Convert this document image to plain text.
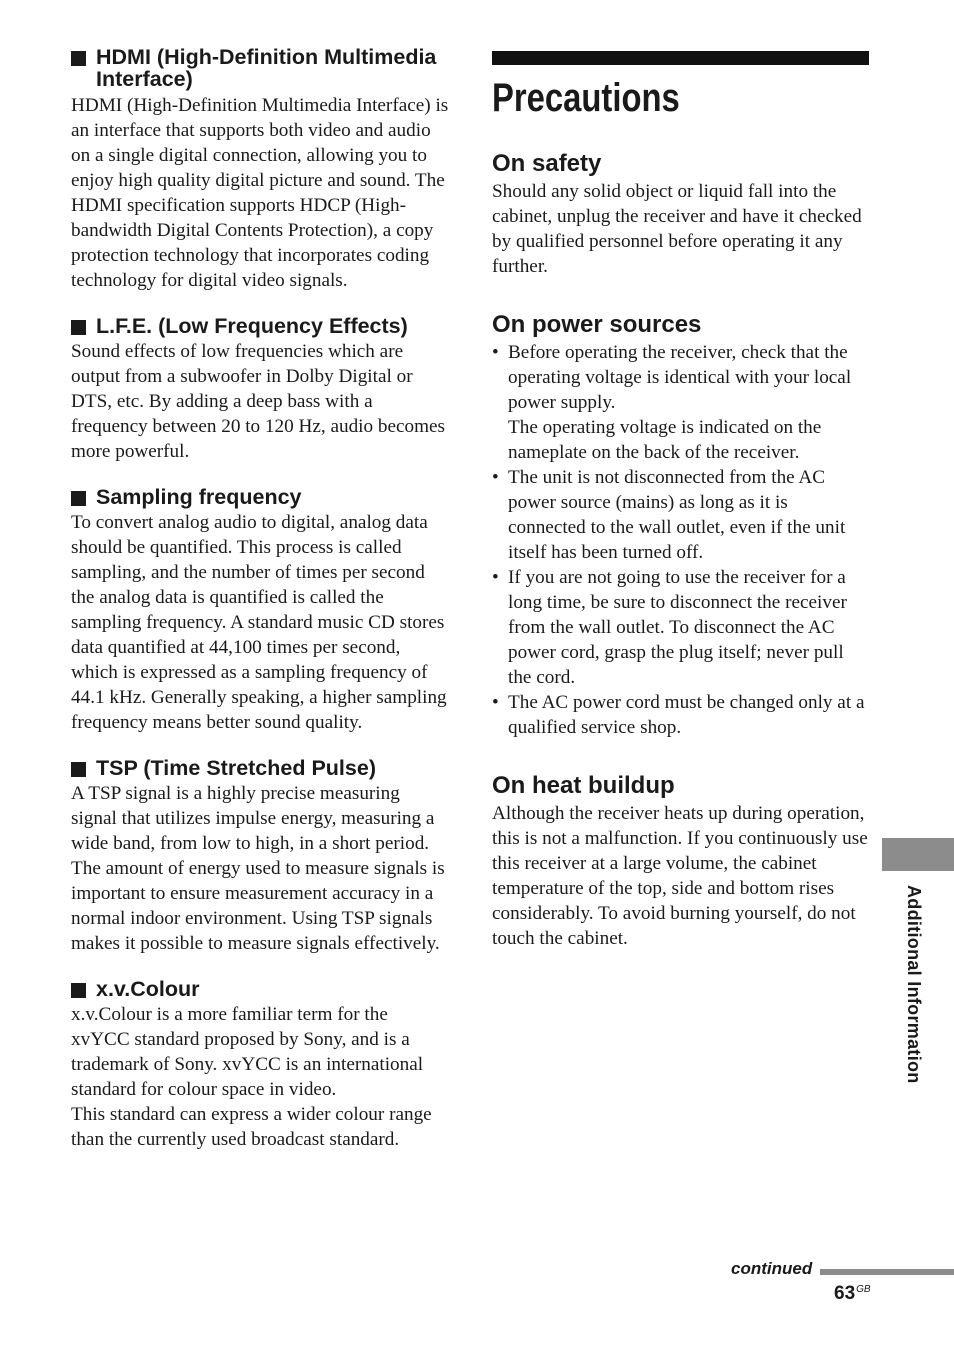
HDMI (High-Definition Multimedia Interface)

HDMI (High-Definition Multimedia Interface) is an interface that supports both video and audio on a single digital connection, allowing you to enjoy high quality digital picture and sound. The HDMI specification supports HDCP (High-bandwidth Digital Contents Protection), a copy protection technology that incorporates coding technology for digital video signals.

L.F.E. (Low Frequency Effects)

Sound effects of low frequencies which are output from a subwoofer in Dolby Digital or DTS, etc. By adding a deep bass with a frequency between 20 to 120 Hz, audio becomes more powerful.

Sampling frequency

To convert analog audio to digital, analog data should be quantified. This process is called sampling, and the number of times per second the analog data is quantified is called the sampling frequency. A standard music CD stores data quantified at 44,100 times per second, which is expressed as a sampling frequency of 44.1 kHz. Generally speaking, a higher sampling frequency means better sound quality.

TSP (Time Stretched Pulse)

A TSP signal is a highly precise measuring signal that utilizes impulse energy, measuring a wide band, from low to high, in a short period.

The amount of energy used to measure signals is important to ensure measurement accuracy in a normal indoor environment. Using TSP signals makes it possible to measure signals effectively.

x.v.Colour

x.v.Colour is a more familiar term for the xvYCC standard proposed by Sony, and is a trademark of Sony. xvYCC is an international standard for colour space in video.

This standard can express a wider colour range than the currently used broadcast standard.

Precautions
On safety

Should any solid object or liquid fall into the cabinet, unplug the receiver and have it checked by qualified personnel before operating it any further.

On power sources
• Before operating the receiver, check that the operating voltage is identical with your local power supply.
The operating voltage is indicated on the nameplate on the back of the receiver.
• The unit is not disconnected from the AC power source (mains) as long as it is connected to the wall outlet, even if the unit itself has been turned off.
• If you are not going to use the receiver for a long time, be sure to disconnect the receiver from the wall outlet. To disconnect the AC power cord, grasp the plug itself; never pull the cord.
• The AC power cord must be changed only at a qualified service shop.
On heat buildup

Although the receiver heats up during operation, this is not a malfunction. If you continuously use this receiver at a large volume, the cabinet temperature of the top, side and bottom rises considerably. To avoid burning yourself, do not touch the cabinet.	Additional Information
continued
$63^{GB}$
